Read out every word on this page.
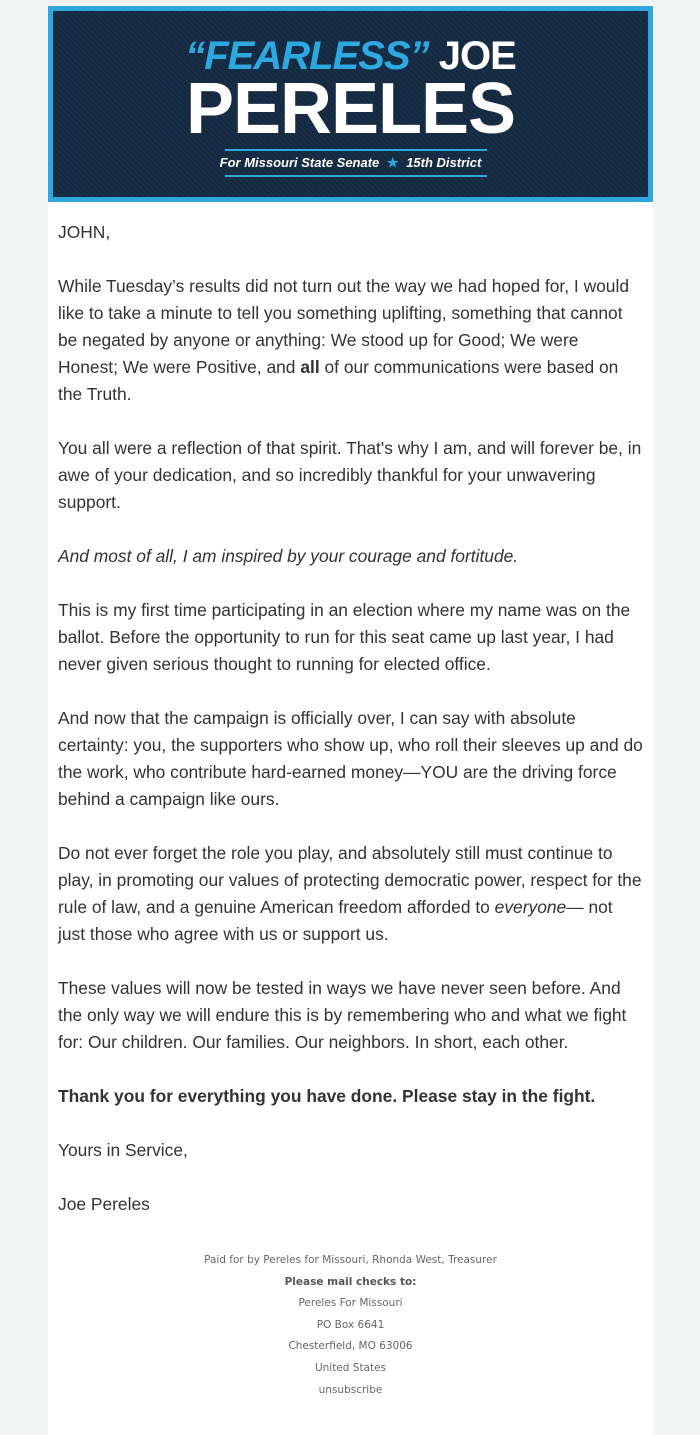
“FEARLESS” JOE
PERELES
For Missouri State Senate ★ 15th District

JOHN,

While Tuesday’s results did not turn out the way we had hoped for, I would like to take a minute to tell you something uplifting, something that cannot be negated by anyone or anything: We stood up for Good; We were Honest; We were Positive, and all of our communications were based on the Truth.

You all were a reflection of that spirit. That's why I am, and will forever be, in awe of your dedication, and so incredibly thankful for your unwavering support.

And most of all, I am inspired by your courage and fortitude.

This is my first time participating in an election where my name was on the ballot. Before the opportunity to run for this seat came up last year, I had never given serious thought to running for elected office.

And now that the campaign is officially over, I can say with absolute certainty: you, the supporters who show up, who roll their sleeves up and do the work, who contribute hard-earned money—YOU are the driving force behind a campaign like ours.

Do not ever forget the role you play, and absolutely still must continue to play, in promoting our values of protecting democratic power, respect for the rule of law, and a genuine American freedom afforded to everyone— not just those who agree with us or support us.

These values will now be tested in ways we have never seen before. And the only way we will endure this is by remembering who and what we fight for: Our children. Our families. Our neighbors. In short, each other.

Thank you for everything you have done. Please stay in the fight.

Yours in Service,

Joe Pereles

Paid for by Pereles for Missouri, Rhonda West, Treasurer
Please mail checks to:
Pereles For Missouri
PO Box 6641
Chesterfield, MO 63006
United States
unsubscribe
